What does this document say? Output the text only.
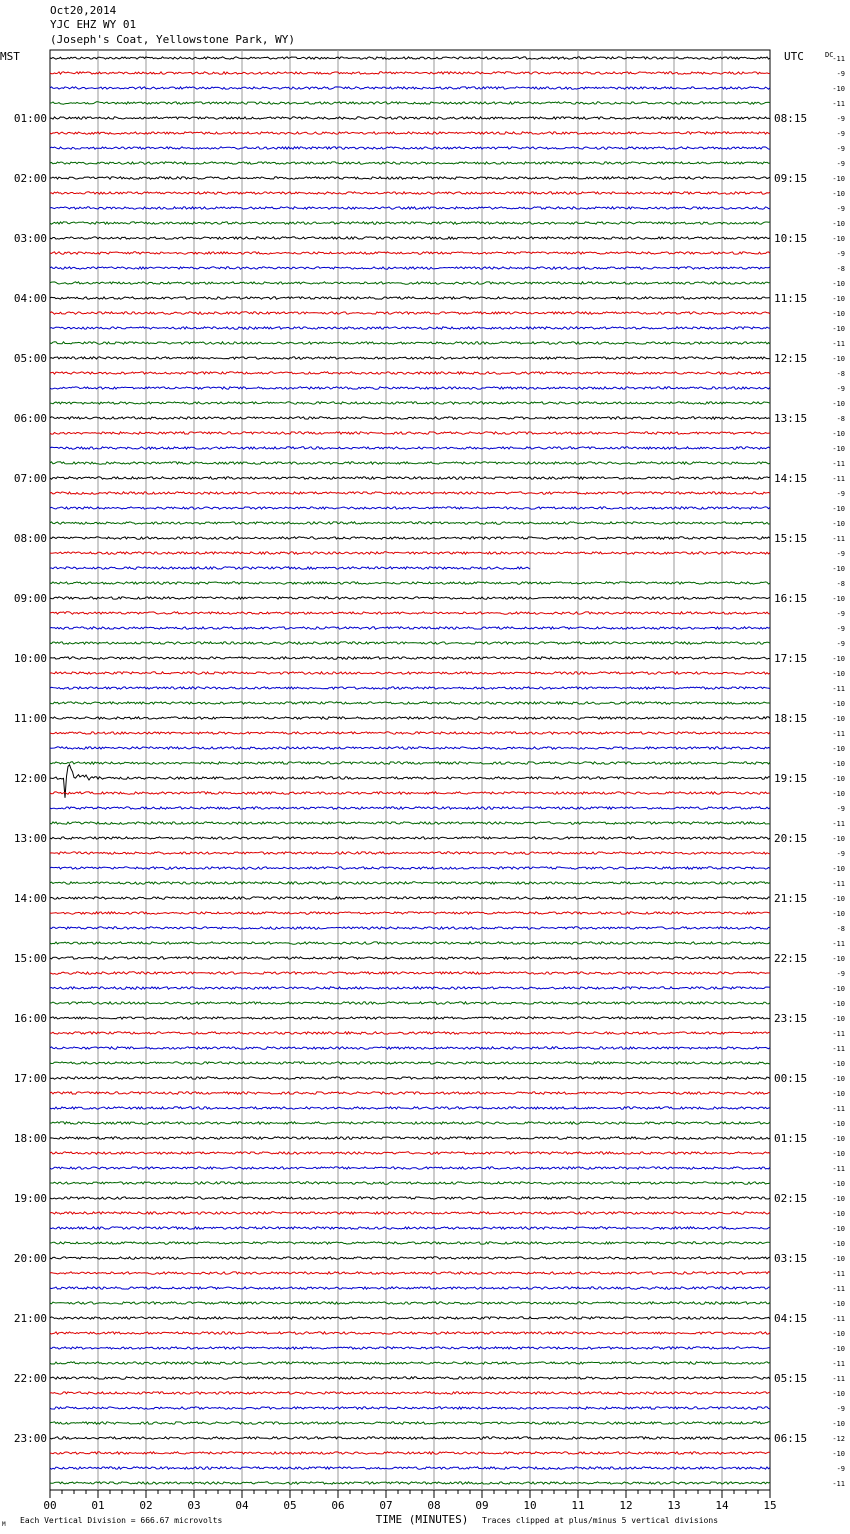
Oct20,2014
YJC EHZ WY 01
(Joseph's Coat, Yellowstone Park, WY)
01:00	08:15
02:00	09:15
03:00	10:15
04:00	11:15
05:00	12:15
06:00	13:15
07:00	14:15
08:00	15:15
09:00	16:15
10:00	17:15
11:00	18:15
12:00	19:15
13:00	20:15
14:00	21:15
15:00	22:15
16:00	23:15
17:00	00:15
18:00	01:15
19:00	02:15
20:00	03:15
21:00	04:15
22:00	05:15
23:00	06:15
MST	UTC	DC
-11
-9
-10
-11
-9
-9
-9
-9
-10
-10
-9
-10
-10
-9
-8
-10
-10
-10
-10
-11
-10
-8
-9
-10
-8
-10
-10
-11
-11
-9
-10
-10
-11
-9
-10
-8
-10
-9
-9
-9
-10
-10
-11
-10
-10
-11
-10
-10
-10
-10
-9
-11
-10
-9
-10
-11
-10
-10
-8
-11
-10
-9
-10
-10
-10
-11
-11
-10
-10
-10
-11
-10
-10
-10
-11
-10
-10
-10
-10
-10
-10
-11
-11
-10
-11
-10
-10
-11
-11
-10
-9
-10
-12
-10
-9
-11
00	01	02	03	04	05	06	07	08	09	10	11	12	13	14	15
Each Vertical Division = 666.67 microvolts	TIME (MINUTES) Traces clipped at plus/minus 5 vertical divisions
M
